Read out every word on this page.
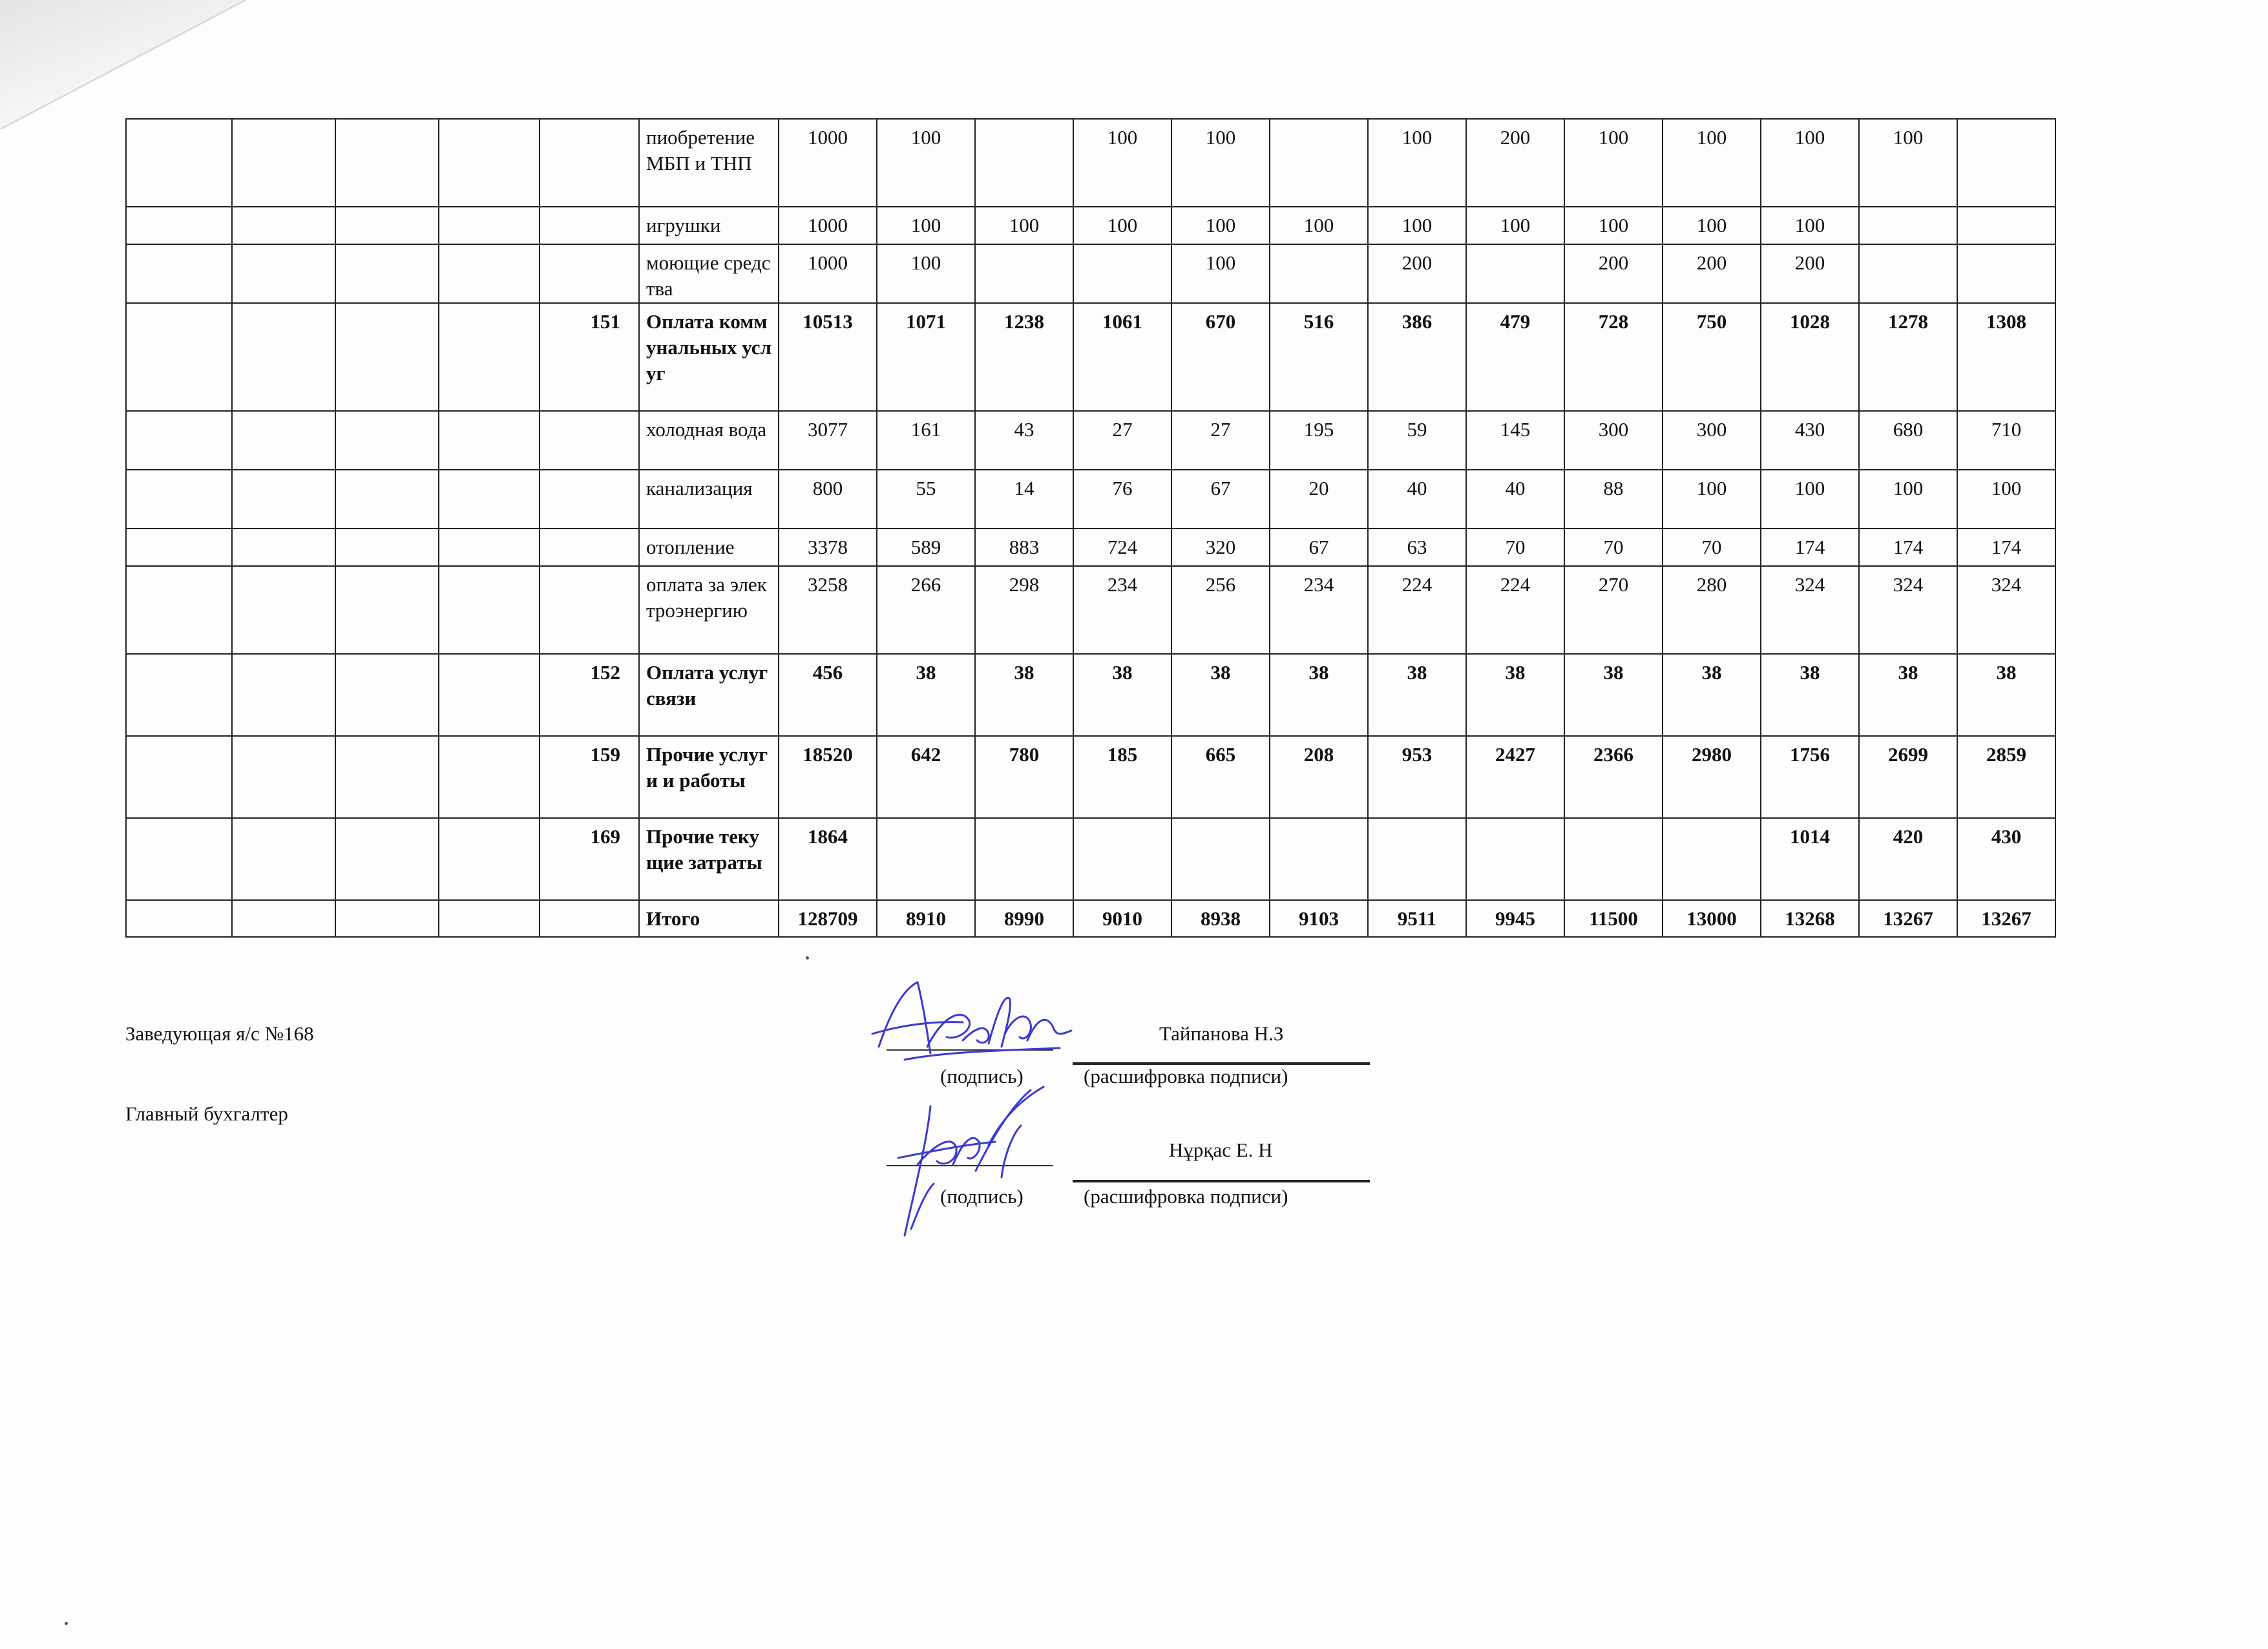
					пиобретение МБП и ТНП	1000	100		100	100		100	200	100	100	100	100	
					игрушки	1000	100	100	100	100	100	100	100	100	100	100		
					моющие средства	1000	100			100		200		200	200	200		
				151	Оплата коммунальных услуг	10513	1071	1238	1061	670	516	386	479	728	750	1028	1278	1308
					холодная вода	3077	161	43	27	27	195	59	145	300	300	430	680	710
					канализация	800	55	14	76	67	20	40	40	88	100	100	100	100
					отопление	3378	589	883	724	320	67	63	70	70	70	174	174	174
					оплата за электроэнергию	3258	266	298	234	256	234	224	224	270	280	324	324	324
				152	Оплата услуг связи	456	38	38	38	38	38	38	38	38	38	38	38	38
				159	Прочие услуги и работы	18520	642	780	185	665	208	953	2427	2366	2980	1756	2699	2859
				169	Прочие текущие затраты	1864										1014	420	430
					Итого	128709	8910	8990	9010	8938	9103	9511	9945	11500	13000	13268	13267	13267
Заведующая я/с №168	Тайпанова Н.З
(подпись)	(расшифровка подписи)
Главный бухгалтер
Нұрқас Е. Н
(подпись)	(расшифровка подписи)
